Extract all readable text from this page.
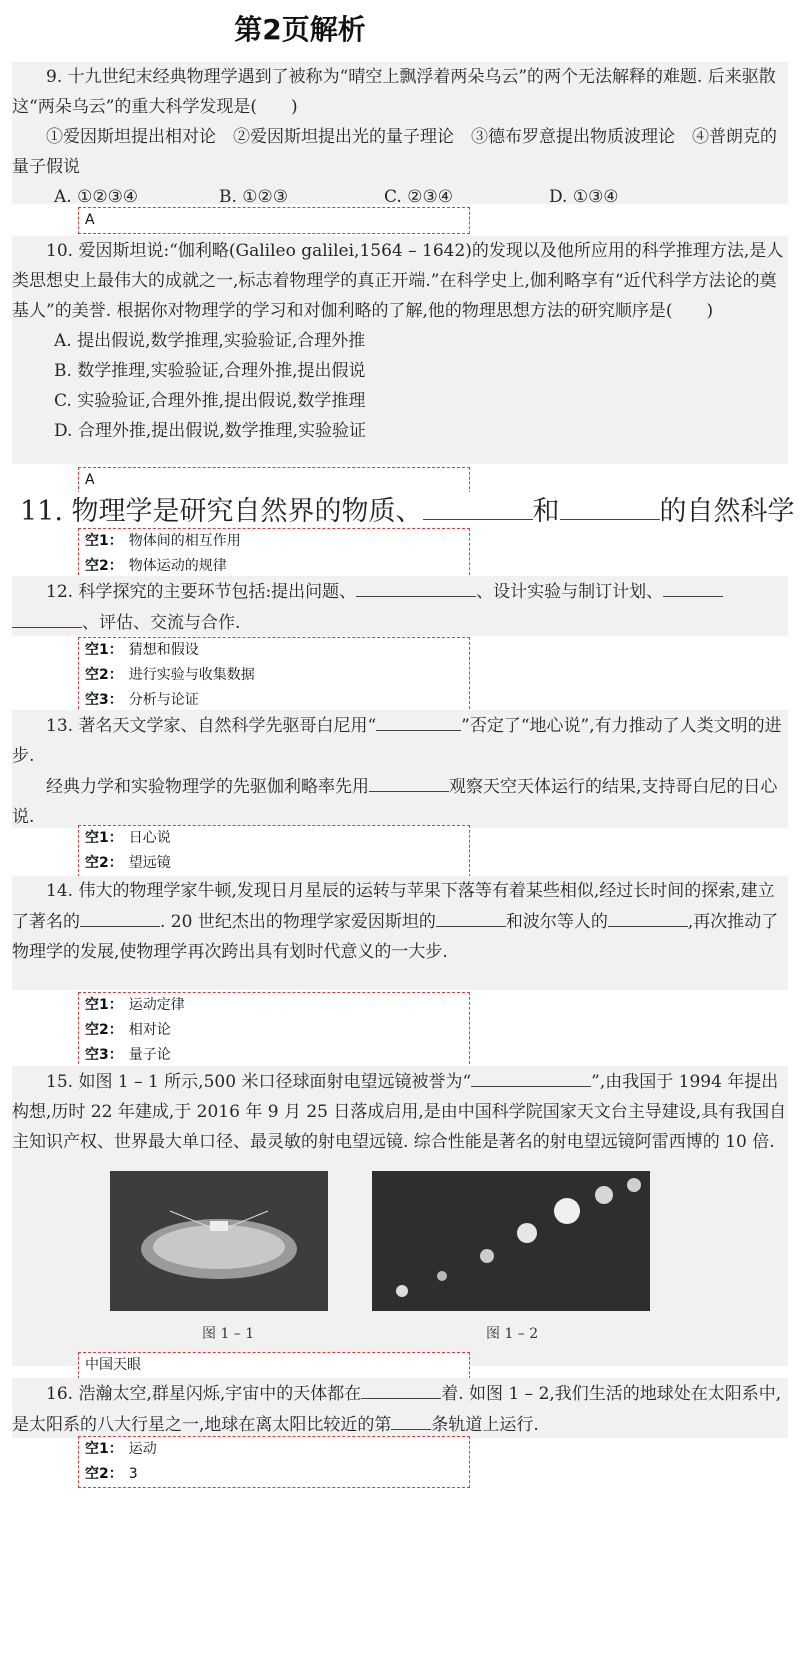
第2页解析

9. 十九世纪末经典物理学遇到了被称为“晴空上飘浮着两朵乌云”的两个无法解释的难题. 后来驱散这“两朵乌云”的重大科学发现是(　　)

①爱因斯坦提出相对论　②爱因斯坦提出光的量子理论　③德布罗意提出物质波理论　④普朗克的量子假说

A. ①②③④	B. ①②③	C. ②③④	D. ①③④
A

10. 爱因斯坦说:“伽利略(Galileo galilei,1564 – 1642)的发现以及他所应用的科学推理方法,是人类思想史上最伟大的成就之一,标志着物理学的真正开端.”在科学史上,伽利略享有“近代科学方法论的奠基人”的美誉. 根据你对物理学的学习和对伽利略的了解,他的物理思想方法的研究顺序是(　　)

A. 提出假说,数学推理,实验验证,合理外推

B. 数学推理,实验验证,合理外推,提出假说

C. 实验验证,合理外推,提出假说,数学推理

D. 合理外推,提出假说,数学推理,实验验证

A
11. 物理学是研究自然界的物质、	和	的自然科学
空1： 物体间的相互作用
空2： 物体运动的规律

12. 科学探究的主要环节包括:提出问题、	、设计实验与制订计划、

、评估、交流与合作.

空1： 猜想和假设
空2： 进行实验与收集数据
空3： 分析与论证

13. 著名天文学家、自然科学先驱哥白尼用“	”否定了“地心说”,有力推动了人类文明的进步.

经典力学和实验物理学的先驱伽利略率先用	观察天空天体运行的结果,支持哥白尼的日心说.

空1： 日心说
空2： 望远镜

14. 伟大的物理学家牛顿,发现日月星辰的运转与苹果下落等有着某些相似,经过长时间的探索,建立了著名的	. 20 世纪杰出的物理学家爱因斯坦的	和波尔等人的	,再次推动了物理学的发展,使物理学再次跨出具有划时代意义的一大步.

空1： 运动定律
空2： 相对论
空3： 量子论

15. 如图 1 – 1 所示,500 米口径球面射电望远镜被誉为“	”,由我国于 1994 年提出构想,历时 22 年建成,于 2016 年 9 月 25 日落成启用,是由中国科学院国家天文台主导建设,具有我国自主知识产权、世界最大单口径、最灵敏的射电望远镜. 综合性能是著名的射电望远镜阿雷西博的 10 倍.

图 1 – 1	图 1 – 2
中国天眼

16. 浩瀚太空,群星闪烁,宇宙中的天体都在	着. 如图 1 – 2,我们生活的地球处在太阳系中,是太阳系的八大行星之一,地球在离太阳比较近的第 条轨道上运行.

空1： 运动
空2： 3
